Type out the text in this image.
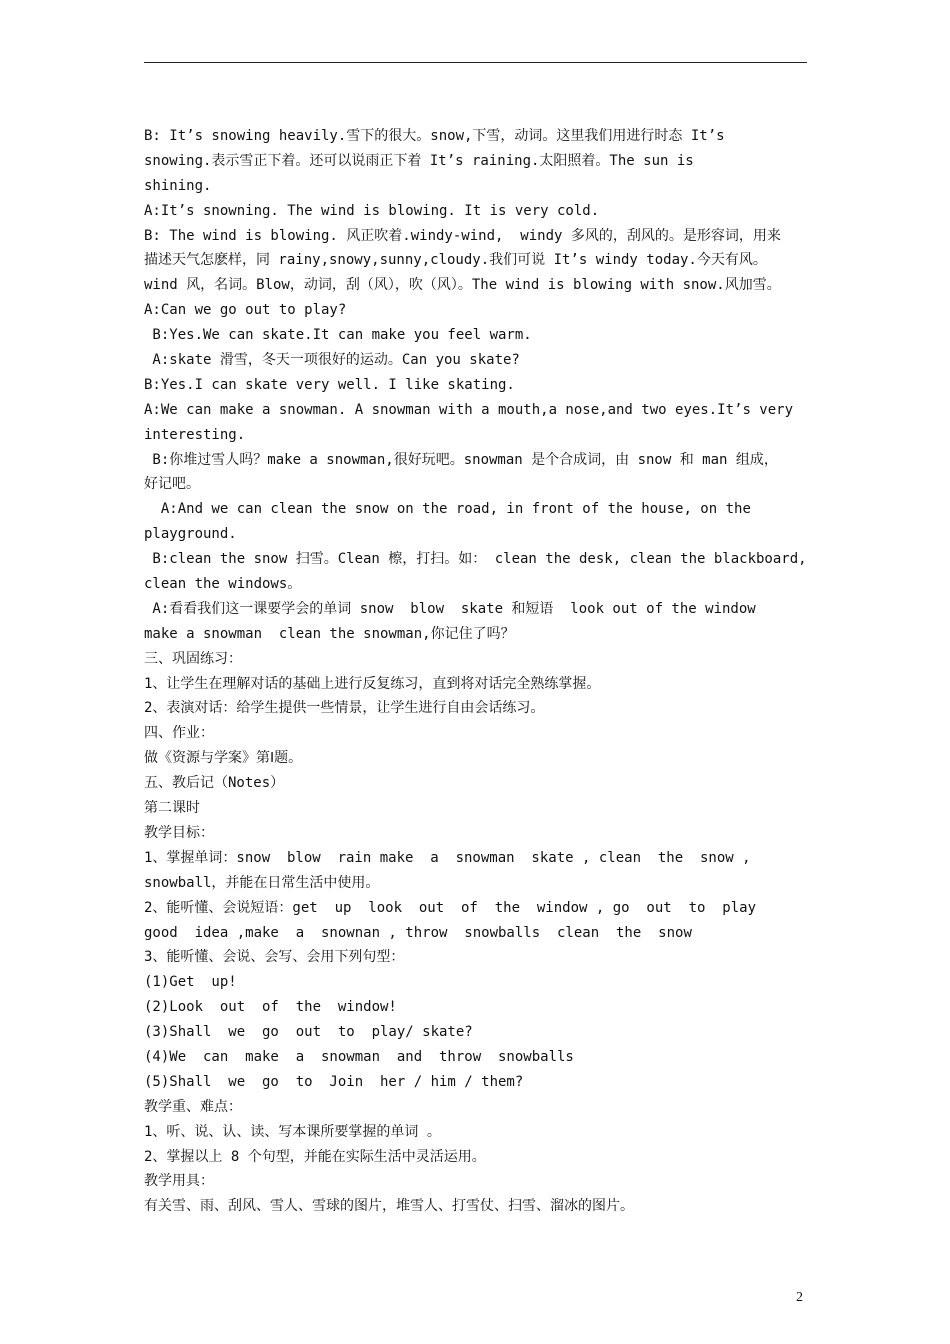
B: It’s snowing heavily.雪下的很大。snow,下雪，动词。这里我们用进行时态 It’s
snowing.表示雪正下着。还可以说雨正下着 It’s raining.太阳照着。The sun is
shining.
A:It’s snowning. The wind is blowing. It is very cold.
B: The wind is blowing. 风正吹着.windy-wind,  windy 多风的，刮风的。是形容词，用来
描述天气怎麽样，同 rainy,snowy,sunny,cloudy.我们可说 It’s windy today.今天有风。
wind 风，名词。Blow，动词，刮（风），吹（风）。The wind is blowing with snow.风加雪。
A:Can we go out to play?
B:Yes.We can skate.It can make you feel warm.
A:skate 滑雪，冬天一项很好的运动。Can you skate?
B:Yes.I can skate very well. I like skating.
A:We can make a snowman. A snowman with a mouth,a nose,and two eyes.It’s very
interesting.
B:你堆过雪人吗？make a snowman,很好玩吧。snowman 是个合成词，由 snow 和 man 组成，
好记吧。
A:And we can clean the snow on the road, in front of the house, on the
playground.
B:clean the snow 扫雪。Clean 檫，打扫。如： clean the desk, clean the blackboard,
clean the windows。
A:看看我们这一课要学会的单词 snow  blow  skate 和短语  look out of the window
make a snowman  clean the snowman,你记住了吗？
三、巩固练习：
1、让学生在理解对话的基础上进行反复练习，直到将对话完全熟练掌握。
2、表演对话：给学生提供一些情景，让学生进行自由会话练习。
四、作业：
做《资源与学案》第Ⅰ题。
五、教后记（Notes）
第二课时
教学目标：
1、掌握单词：snow  blow  rain make  a  snowman  skate , clean  the  snow ,
snowball，并能在日常生活中使用。
2、能听懂、会说短语：get  up  look  out  of  the  window , go  out  to  play
good  idea ,make  a  snownan , throw  snowballs  clean  the  snow
3、能听懂、会说、会写、会用下列句型：
(1)Get  up!
(2)Look  out  of  the  window!
(3)Shall  we  go  out  to  play/ skate?
(4)We  can  make  a  snowman  and  throw  snowballs
(5)Shall  we  go  to  Join  her / him / them?
教学重、难点：
1、听、说、认、读、写本课所要掌握的单词 。
2、掌握以上 8 个句型，并能在实际生活中灵活运用。
教学用具：
有关雪、雨、刮风、雪人、雪球的图片，堆雪人、打雪仗、扫雪、溜冰的图片。
2
